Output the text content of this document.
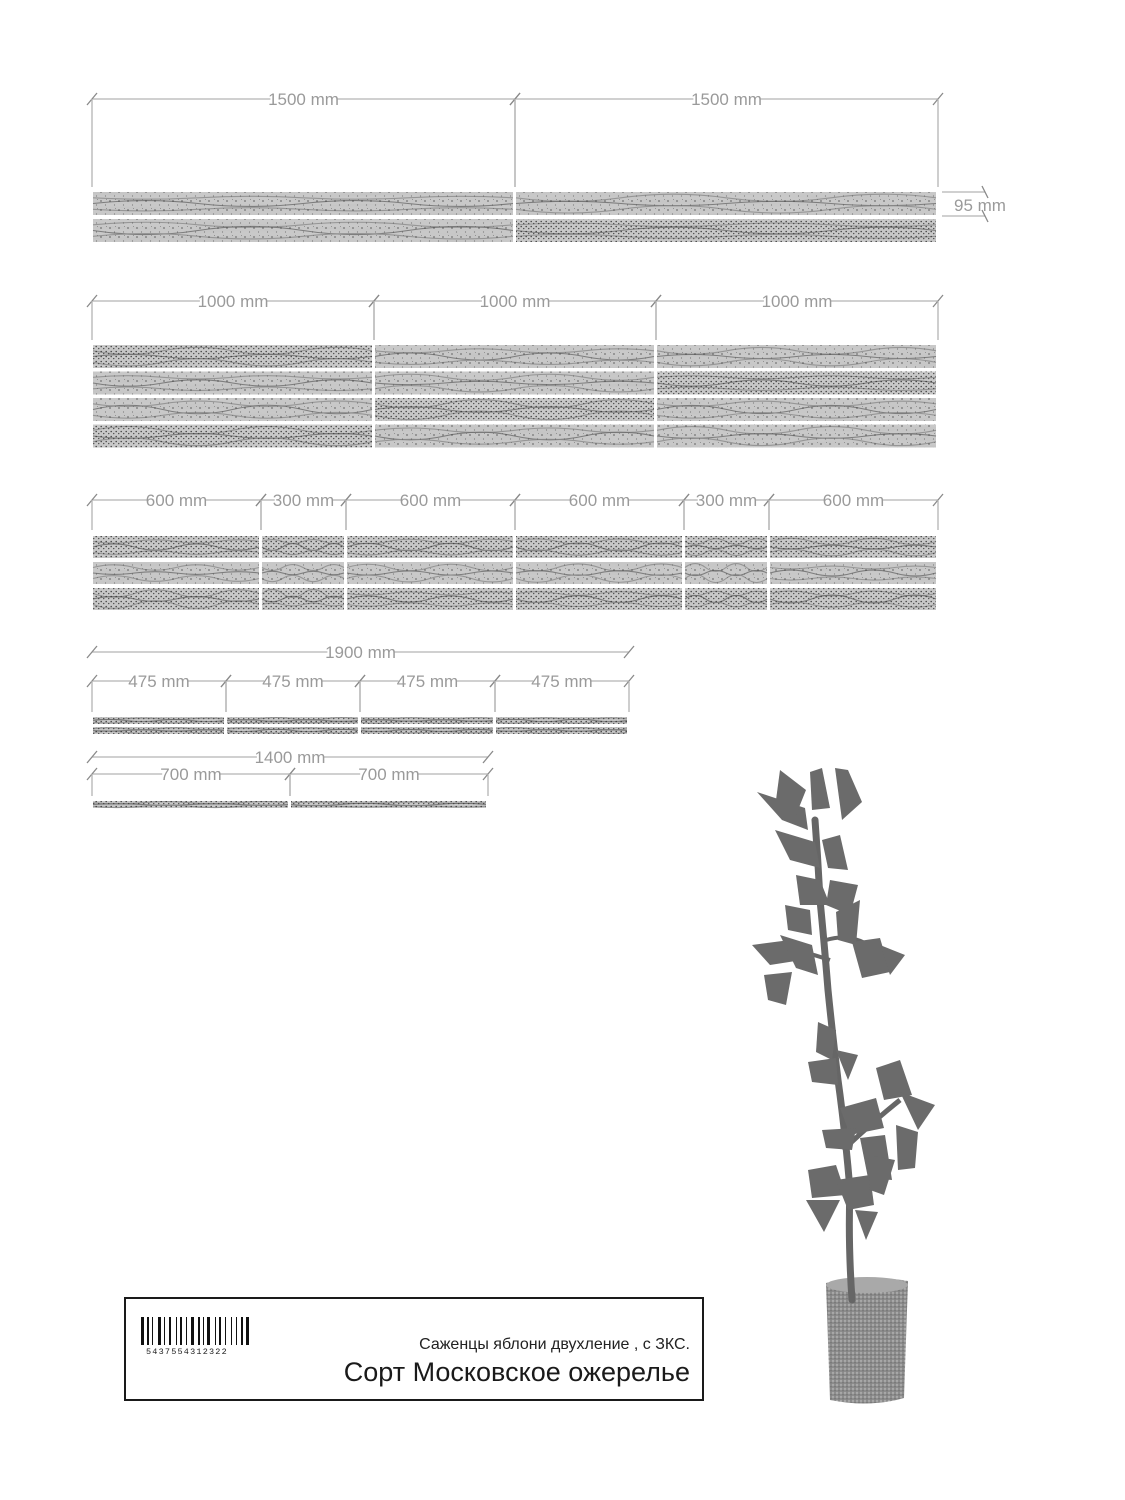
1500 mm	1500 mm
95 mm
1000 mm	1000 mm	1000 mm
600 mm	300 mm	600 mm	600 mm	300 mm	600 mm
1900 mm
475 mm	475 mm	475 mm	475 mm
1400 mm
700 mm	700 mm
5437554312322	Саженцы яблони двухление , с ЗКС.
Сорт Московское ожерелье
